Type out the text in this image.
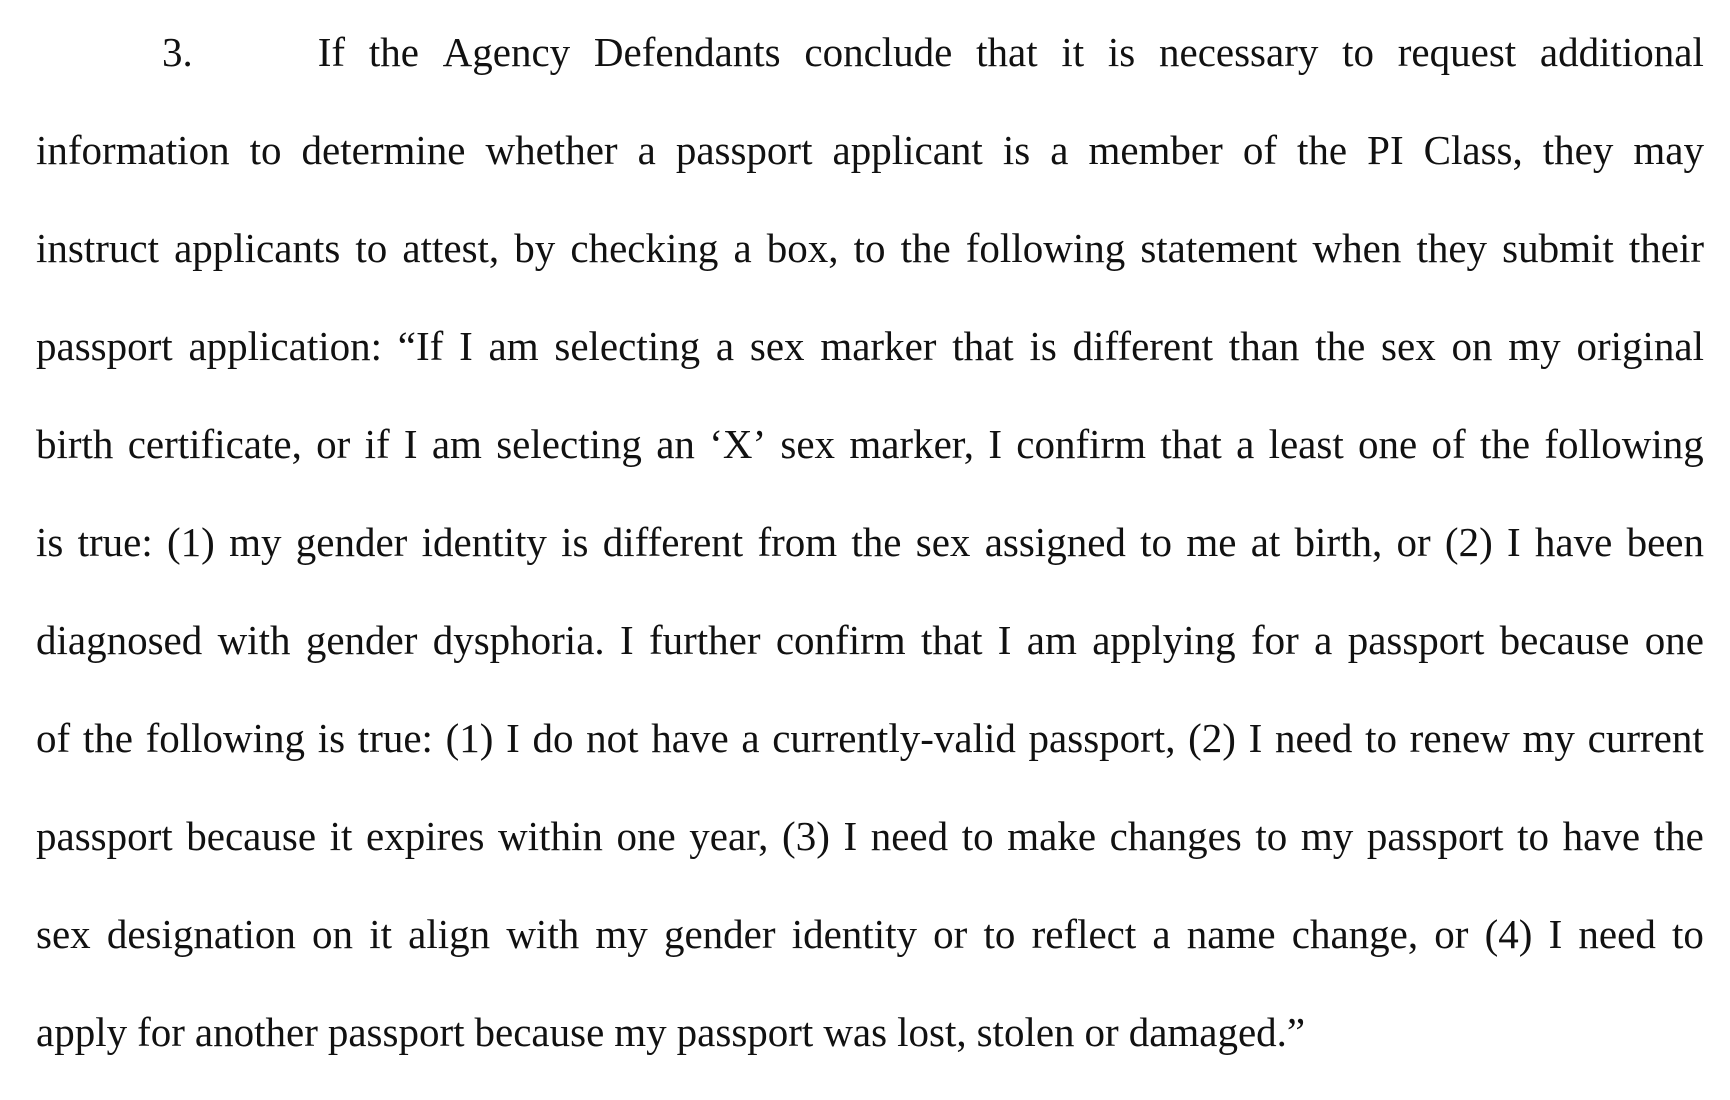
3.	If the Agency Defendants conclude that it is necessary to request additional
information to determine whether a passport applicant is a member of the PI Class, they may
instruct applicants to attest, by checking a box, to the following statement when they submit their
passport application: “If I am selecting a sex marker that is different than the sex on my original
birth certificate, or if I am selecting an ‘X’ sex marker, I confirm that a least one of the following
is true: (1) my gender identity is different from the sex assigned to me at birth, or (2) I have been
diagnosed with gender dysphoria. I further confirm that I am applying for a passport because one
of the following is true: (1) I do not have a currently-valid passport, (2) I need to renew my current
passport because it expires within one year, (3) I need to make changes to my passport to have the
sex designation on it align with my gender identity or to reflect a name change, or (4) I need to
apply for another passport because my passport was lost, stolen or damaged.”
